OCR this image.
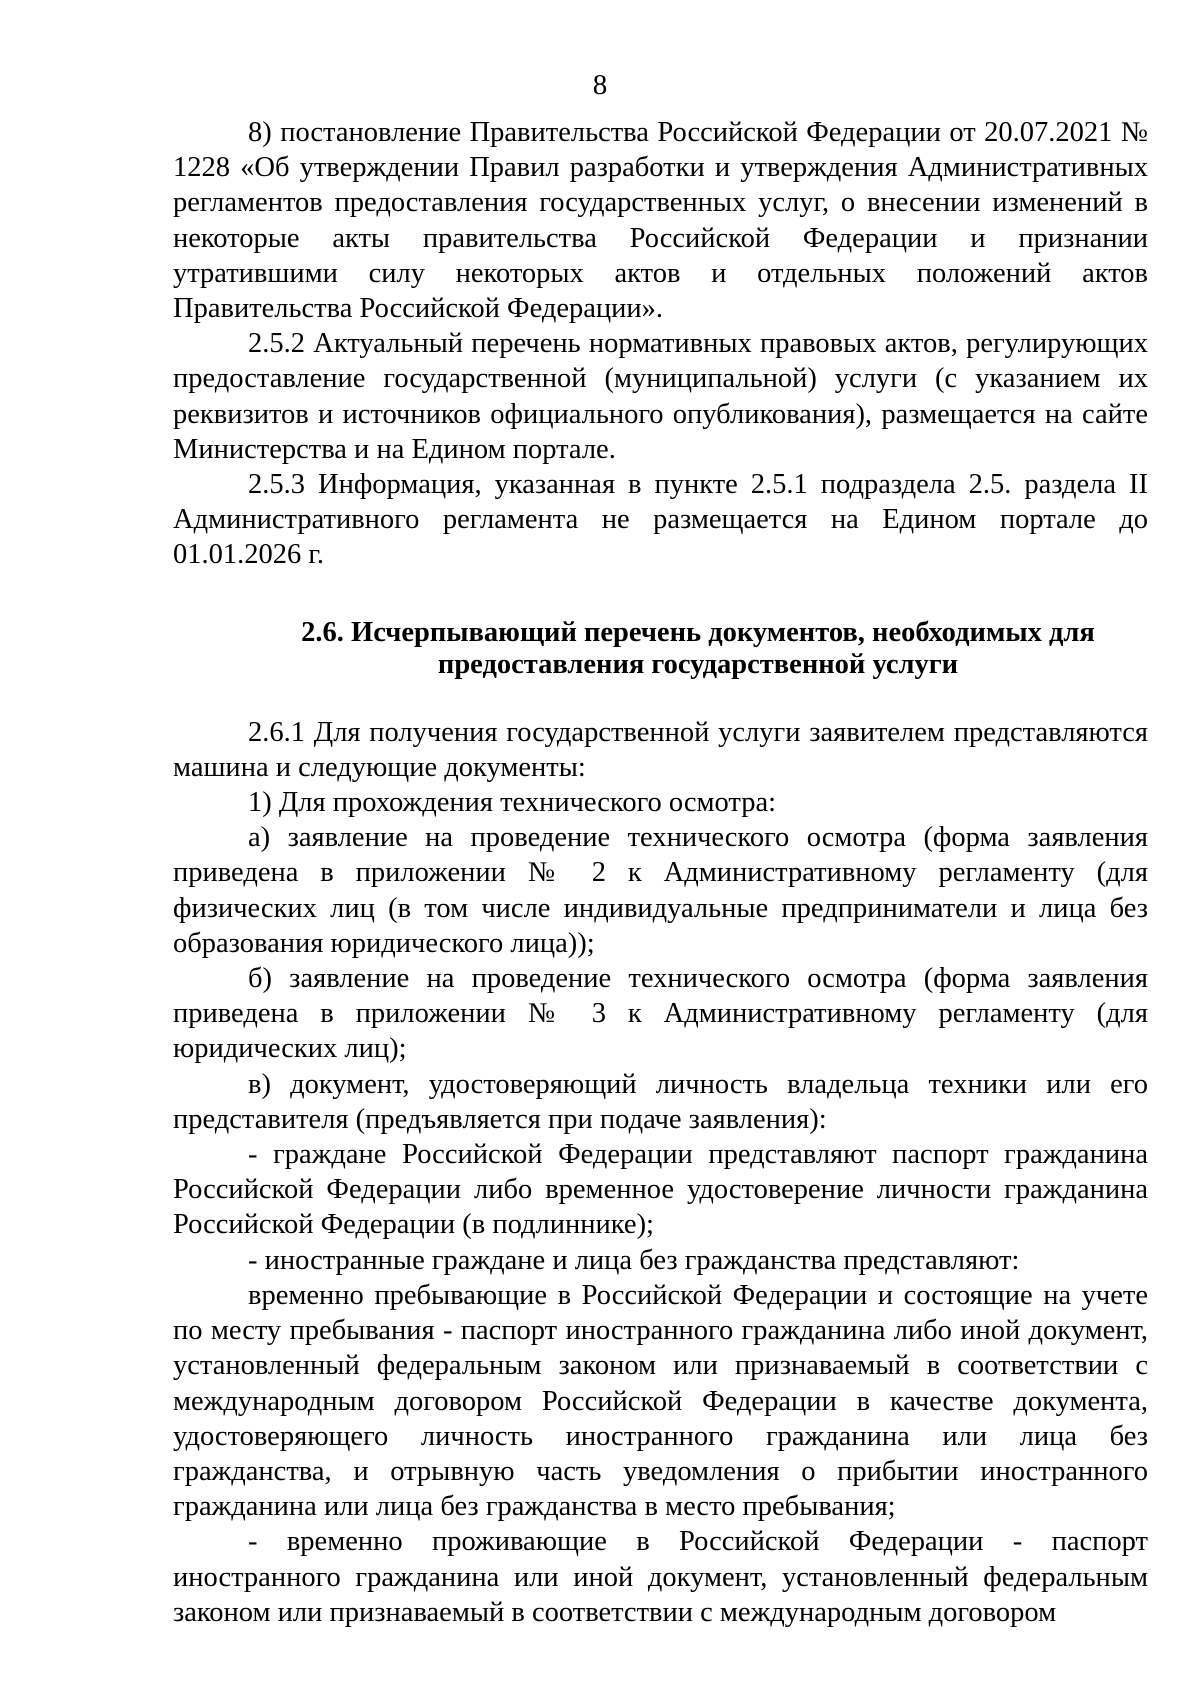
8

8) постановление Правительства Российской Федерации от 20.07.2021 № 1228 «Об утверждении Правил разработки и утверждения Административных регламентов предоставления государственных услуг, о внесении изменений в некоторые акты правительства Российской Федерации и признании утратившими силу некоторых актов и отдельных положений актов Правительства Российской Федерации».

2.5.2 Актуальный перечень нормативных правовых актов, регулирующих предоставление государственной (муниципальной) услуги (с указанием их реквизитов и источников официального опубликования), размещается на сайте Министерства и на Едином портале.

2.5.3 Информация, указанная в пункте 2.5.1 подраздела 2.5. раздела II Административного регламента не размещается на Едином портале до 01.01.2026 г.

2.6. Исчерпывающий перечень документов, необходимых для предоставления государственной услуги

2.6.1 Для получения государственной услуги заявителем представляются машина и следующие документы:

1) Для прохождения технического осмотра:

а) заявление на проведение технического осмотра (форма заявления приведена в приложении № 2 к Административному регламенту (для физических лиц (в том числе индивидуальные предприниматели и лица без образования юридического лица));

б) заявление на проведение технического осмотра (форма заявления приведена в приложении № 3 к Административному регламенту (для юридических лиц);

в) документ, удостоверяющий личность владельца техники или его представителя (предъявляется при подаче заявления):

- граждане Российской Федерации представляют паспорт гражданина Российской Федерации либо временное удостоверение личности гражданина Российской Федерации (в подлиннике);

- иностранные граждане и лица без гражданства представляют:

временно пребывающие в Российской Федерации и состоящие на учете по месту пребывания - паспорт иностранного гражданина либо иной документ, установленный федеральным законом или признаваемый в соответствии с международным договором Российской Федерации в качестве документа, удостоверяющего личность иностранного гражданина или лица без гражданства, и отрывную часть уведомления о прибытии иностранного гражданина или лица без гражданства в место пребывания;

- временно проживающие в Российской Федерации - паспорт иностранного гражданина или иной документ, установленный федеральным законом или признаваемый в соответствии с международным договором
